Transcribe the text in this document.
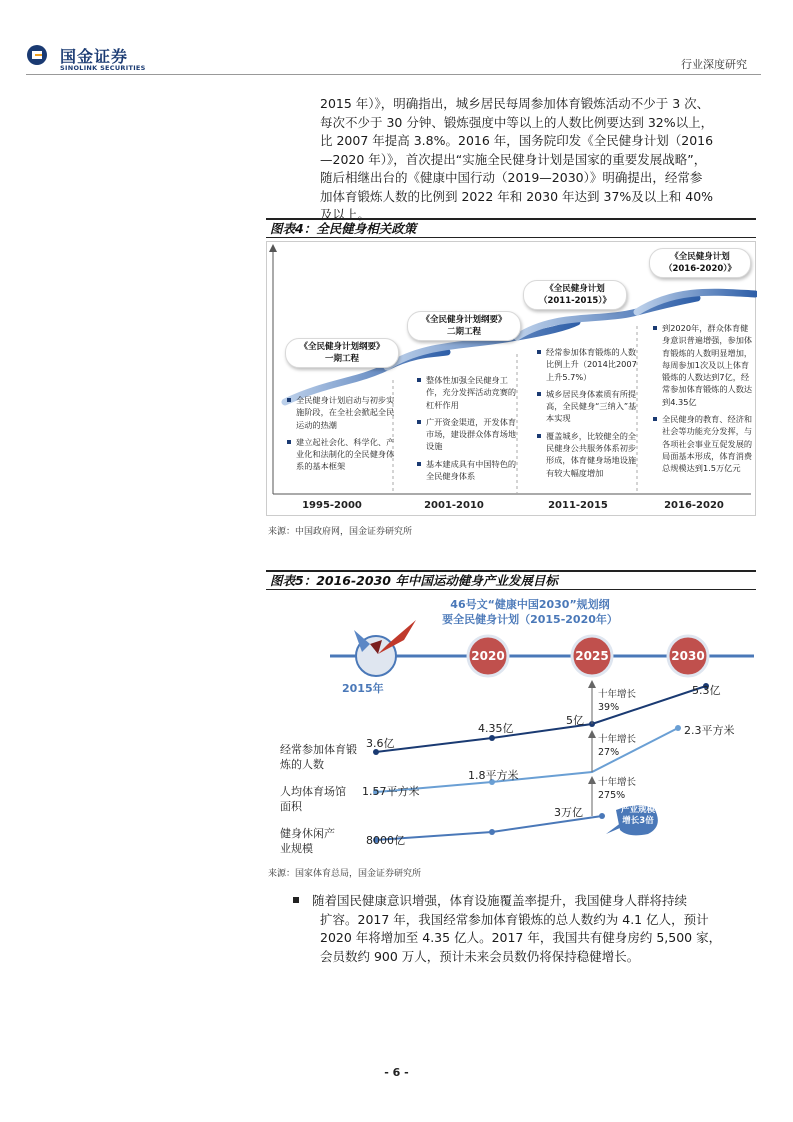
国金证券
SINOLINK SECURITIES	行业深度研究
2015 年）》，明确指出，城乡居民每周参加体育锻炼活动不少于 3 次、
每次不少于 30 分钟、锻炼强度中等以上的人数比例要达到 32%以上，
比 2007 年提高 3.8%。2016 年，国务院印发《全民健身计划（2016
—2020 年）》，首次提出“实施全民健身计划是国家的重要发展战略”，
随后相继出台的《健康中国行动（2019—2030）》明确提出，经常参
加体育锻炼人数的比例到 2022 年和 2030 年达到 37%及以上和 40%
及以上。
图表4：全民健身相关政策
《全民健身计划纲要》
一期工程
全民健身计划启动与初步实施阶段，在全社会掀起全民运动的热潮
建立起社会化、科学化、产业化和法制化的全民健身体系的基本框架
《全民健身计划纲要》
二期工程
整体性加强全民健身工作，充分发挥活动竞赛的杠杆作用
广开资金渠道，开发体育市场，建设群众体育场地设施
基本建成具有中国特色的全民健身体系
《全民健身计划
（2011-2015）》
经常参加体育锻炼的人数比例上升（2014比2007上升5.7%）
城乡居民身体素质有所提高，全民健身“三纳入”基本实现
覆盖城乡，比较健全的全民健身公共服务体系初步形成，体育健身场地设施有较大幅度增加
《全民健身计划
（2016-2020）》
到2020年，群众体育健身意识普遍增强，参加体育锻炼的人数明显增加，每周参加1次及以上体育锻炼的人数达到7亿，经常参加体育锻炼的人数达到4.35亿
全民健身的教育、经济和社会等功能充分发挥，与各项社会事业互促发展的局面基本形成，体育消费总规模达到1.5万亿元
1995-2000	2001-2010	2011-2015	2016-2020
来源：中国政府网，国金证券研究所
图表5：2016-2030 年中国运动健身产业发展目标
46号文“健康中国2030”规划纲
要全民健身计划（2015-2020年）
2015年
2020	2025	2030
经常参加体育锻炼的人数
人均体育场馆面积
健身休闲产业规模
3.6亿
4.35亿
5亿
5.3亿
1.57平方米
1.8平方米
2.3平方米
8000亿
3万亿
十年增长
39%
十年增长
27%
十年增长
275%
产业规模
增长3倍
来源：国家体育总局，国金证券研究所
随着国民健康意识增强，体育设施覆盖率提升，我国健身人群将持续
扩容。2017 年，我国经常参加体育锻炼的总人数约为 4.1 亿人，预计
2020 年将增加至 4.35 亿人。2017 年，我国共有健身房约 5,500 家，
会员数约 900 万人，预计未来会员数仍将保持稳健增长。
- 6 -
